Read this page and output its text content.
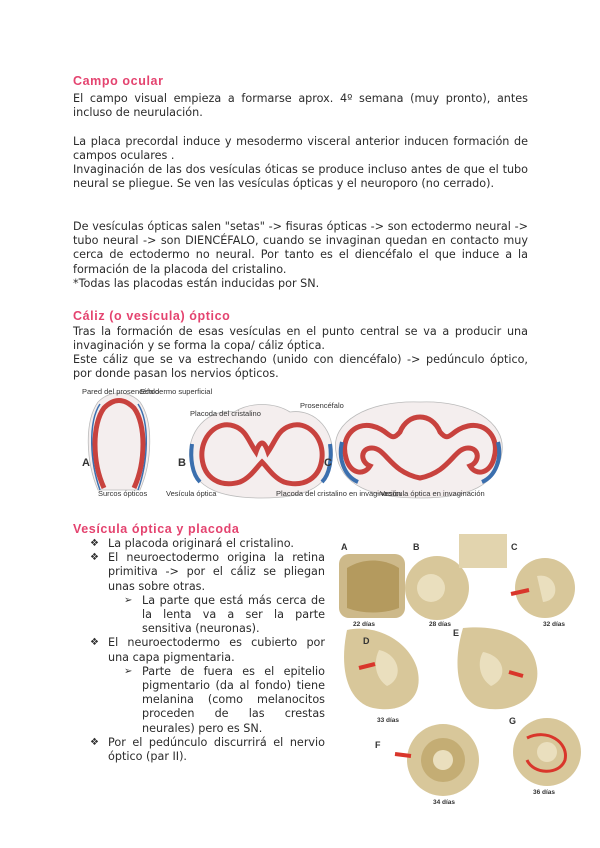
Campo ocular

El campo visual empieza a formarse aprox. 4º semana (muy pronto), antes incluso de neurulación.

La placa precordal induce y mesodermo visceral anterior inducen formación de campos oculares .

Invaginación de las dos vesículas óticas se produce incluso antes de que el tubo neural se pliegue. Se ven las vesículas ópticas y el neuroporo (no cerrado).

De vesículas ópticas salen "setas" -> fisuras ópticas -> son ectodermo neural -> tubo neural -> son DIENCÉFALO, cuando se invaginan quedan en contacto muy cerca de ectodermo no neural. Por tanto es el diencéfalo el que induce a la formación de la placoda del cristalino.

*Todas las placodas están inducidas por SN.

Cáliz (o vesícula) óptico

Tras la formación de esas vesículas en el punto central se va a producir una invaginación y se forma la copa/ cáliz óptica.

Este cáliz que se va estrechando (unido con diencéfalo) -> pedúnculo óptico, por donde pasan los nervios ópticos.

A	B	C
Pared del prosencéfalo
Ectodermo superficial
Placoda del cristalino
Prosencéfalo
Surcos ópticos	Vesícula óptica	Placoda del cristalino en invaginación
Vesícula óptica en invaginación
Vesícula óptica y placoda
❖ La placoda originará el cristalino.
❖ El neuroectodermo origina la retina primitiva -> por el cáliz se pliegan unas sobre otras.
➢ La parte que está más cerca de la lenta va a ser la parte sensitiva (neuronas).
❖ El neuroectodermo es cubierto por una capa pigmentaria.
➢ Parte de fuera es el epitelio pigmentario (da al fondo) tiene melanina (como melanocitos proceden de las crestas neurales) pero es SN.
❖ Por el pedúnculo discurrirá el nervio óptico (par II).
A	B	C
D
E
F
G
22 días	28 días	32 días
33 días
36 días
34 días
